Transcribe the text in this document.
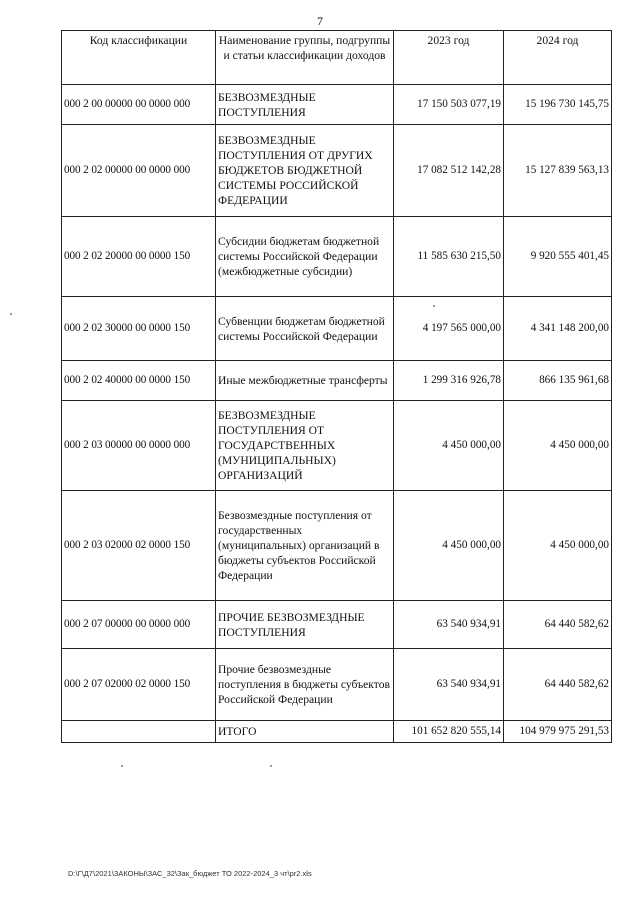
7
Код классификации	Наименование группы, подгруппы и статьи классификации доходов	2023 год	2024 год
000 2 00 00000 00 0000 000	БЕЗВОЗМЕЗДНЫЕ ПОСТУПЛЕНИЯ	17 150 503 077,19	15 196 730 145,75
000 2 02 00000 00 0000 000	БЕЗВОЗМЕЗДНЫЕ ПОСТУПЛЕНИЯ ОТ ДРУГИХ БЮДЖЕТОВ БЮДЖЕТНОЙ СИСТЕМЫ РОССИЙСКОЙ ФЕДЕРАЦИИ	17 082 512 142,28	15 127 839 563,13
000 2 02 20000 00 0000 150	Субсидии бюджетам бюджетной системы Российской Федерации (межбюджетные субсидии)	11 585 630 215,50	9 920 555 401,45
000 2 02 30000 00 0000 150	Субвенции бюджетам бюджетной системы Российской Федерации	4 197 565 000,00	4 341 148 200,00
000 2 02 40000 00 0000 150	Иные межбюджетные трансферты	1 299 316 926,78	866 135 961,68
000 2 03 00000 00 0000 000	БЕЗВОЗМЕЗДНЫЕ ПОСТУПЛЕНИЯ ОТ ГОСУДАРСТВЕННЫХ (МУНИЦИПАЛЬНЫХ) ОРГАНИЗАЦИЙ	4 450 000,00	4 450 000,00
000 2 03 02000 02 0000 150	Безвозмездные поступления от государственных (муниципальных) организаций в бюджеты субъектов Российской Федерации	4 450 000,00	4 450 000,00
000 2 07 00000 00 0000 000	ПРОЧИЕ БЕЗВОЗМЕЗДНЫЕ ПОСТУПЛЕНИЯ	63 540 934,91	64 440 582,62
000 2 07 02000 02 0000 150	Прочие безвозмездные поступления в бюджеты субъектов Российской Федерации	63 540 934,91	64 440 582,62
	ИТОГО	101 652 820 555,14	104 979 975 291,53
D:\Г\Д7\2021\ЗАКОНЫ\ЗАС_32\Зак_бюджет ТО 2022-2024_3 чт\pr2.xls
